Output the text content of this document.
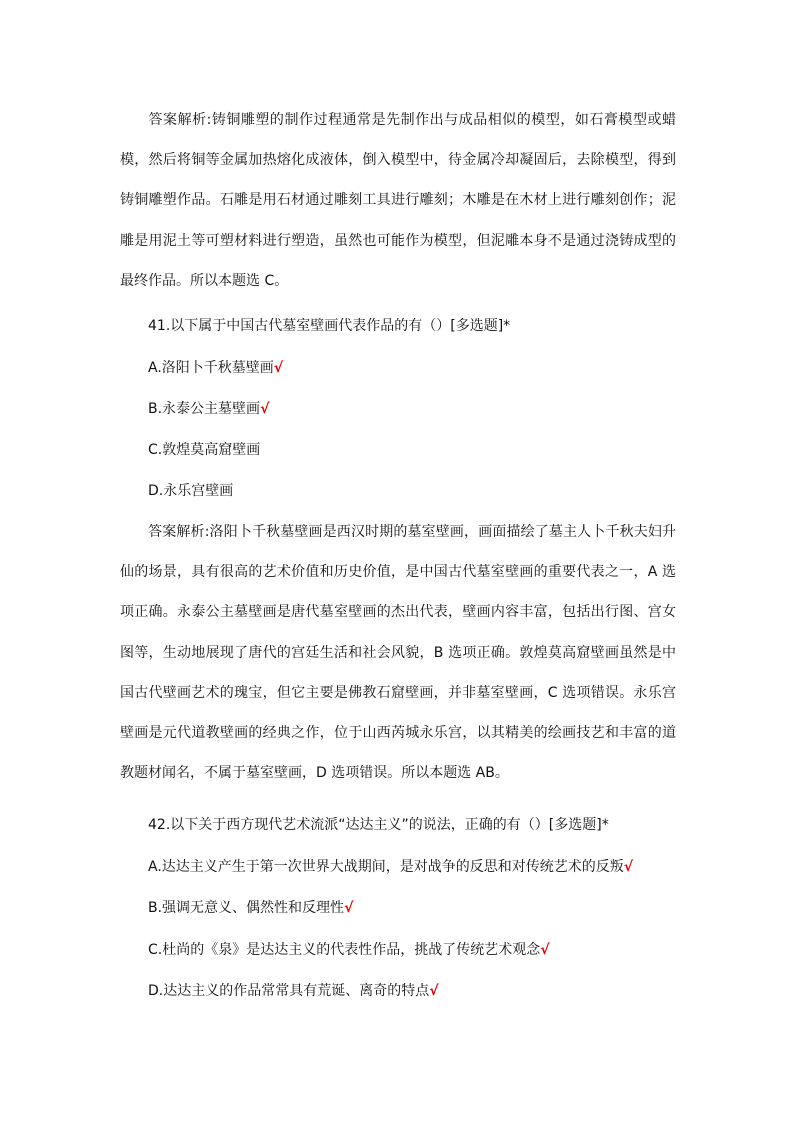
答案解析:铸铜雕塑的制作过程通常是先制作出与成品相似的模型，如石膏模型或蜡模，然后将铜等金属加热熔化成液体，倒入模型中，待金属冷却凝固后，去除模型，得到铸铜雕塑作品。石雕是用石材通过雕刻工具进行雕刻；木雕是在木材上进行雕刻创作；泥雕是用泥土等可塑材料进行塑造，虽然也可能作为模型，但泥雕本身不是通过浇铸成型的最终作品。所以本题选 C。

41.以下属于中国古代墓室壁画代表作品的有（）[多选题]*

A.洛阳卜千秋墓壁画√

B.永泰公主墓壁画√

C.敦煌莫高窟壁画

D.永乐宫壁画

答案解析:洛阳卜千秋墓壁画是西汉时期的墓室壁画，画面描绘了墓主人卜千秋夫妇升仙的场景，具有很高的艺术价值和历史价值，是中国古代墓室壁画的重要代表之一，A 选项正确。永泰公主墓壁画是唐代墓室壁画的杰出代表，壁画内容丰富，包括出行图、宫女图等，生动地展现了唐代的宫廷生活和社会风貌，B 选项正确。敦煌莫高窟壁画虽然是中国古代壁画艺术的瑰宝，但它主要是佛教石窟壁画，并非墓室壁画，C 选项错误。永乐宫壁画是元代道教壁画的经典之作，位于山西芮城永乐宫，以其精美的绘画技艺和丰富的道教题材闻名，不属于墓室壁画，D 选项错误。所以本题选 AB。

42.以下关于西方现代艺术流派“达达主义”的说法，正确的有（）[多选题]*

A.达达主义产生于第一次世界大战期间，是对战争的反思和对传统艺术的反叛√

B.强调无意义、偶然性和反理性√

C.杜尚的《泉》是达达主义的代表性作品，挑战了传统艺术观念√

D.达达主义的作品常常具有荒诞、离奇的特点√
